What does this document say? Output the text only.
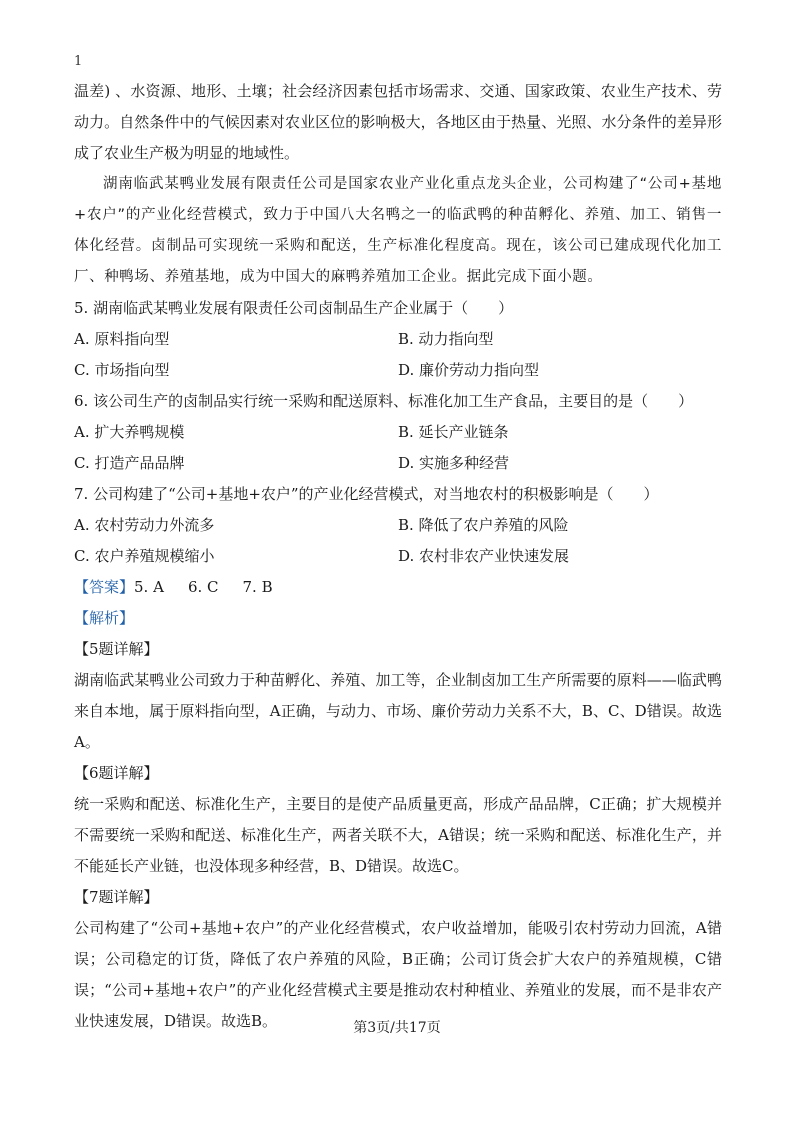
1

温差) 、水资源、地形、土壤；社会经济因素包括市场需求、交通、国家政策、农业生产技术、劳动力。自然条件中的气候因素对农业区位的影响极大，各地区由于热量、光照、水分条件的差异形成了农业生产极为明显的地域性。

湖南临武某鸭业发展有限责任公司是国家农业产业化重点龙头企业，公司构建了“公司+基地+农户”的产业化经营模式，致力于中国八大名鸭之一的临武鸭的种苗孵化、养殖、加工、销售一体化经营。卤制品可实现统一采购和配送，生产标准化程度高。现在，该公司已建成现代化加工厂、种鸭场、养殖基地，成为中国大的麻鸭养殖加工企业。据此完成下面小题。

5. 湖南临武某鸭业发展有限责任公司卤制品生产企业属于（　　）

A. 原料指向型	B. 动力指向型
C. 市场指向型	D. 廉价劳动力指向型

6. 该公司生产的卤制品实行统一采购和配送原料、标准化加工生产食品，主要目的是（　　）

A. 扩大养鸭规模	B. 延长产业链条
C. 打造产品品牌	D. 实施多种经营

7. 公司构建了“公司+基地+农户”的产业化经营模式，对当地农村的积极影响是（　　）

A. 农村劳动力外流多	B. 降低了农户养殖的风险
C. 农户养殖规模缩小	D. 农村非农产业快速发展

【答案】5. A 6. C 7. B

【解析】

【5题详解】

湖南临武某鸭业公司致力于种苗孵化、养殖、加工等，企业制卤加工生产所需要的原料——临武鸭来自本地，属于原料指向型，A正确，与动力、市场、廉价劳动力关系不大，B、C、D错误。故选A。

【6题详解】

统一采购和配送、标准化生产，主要目的是使产品质量更高，形成产品品牌，C正确；扩大规模并不需要统一采购和配送、标准化生产，两者关联不大，A错误；统一采购和配送、标准化生产，并不能延长产业链，也没体现多种经营，B、D错误。故选C。

【7题详解】

公司构建了“公司+基地+农户”的产业化经营模式，农户收益增加，能吸引农村劳动力回流，A错误；公司稳定的订货，降低了农户养殖的风险，B正确；公司订货会扩大农户的养殖规模，C错误；“公司+基地+农户”的产业化经营模式主要是推动农村种植业、养殖业的发展，而不是非农产业快速发展，D错误。故选B。	第3页/共17页
